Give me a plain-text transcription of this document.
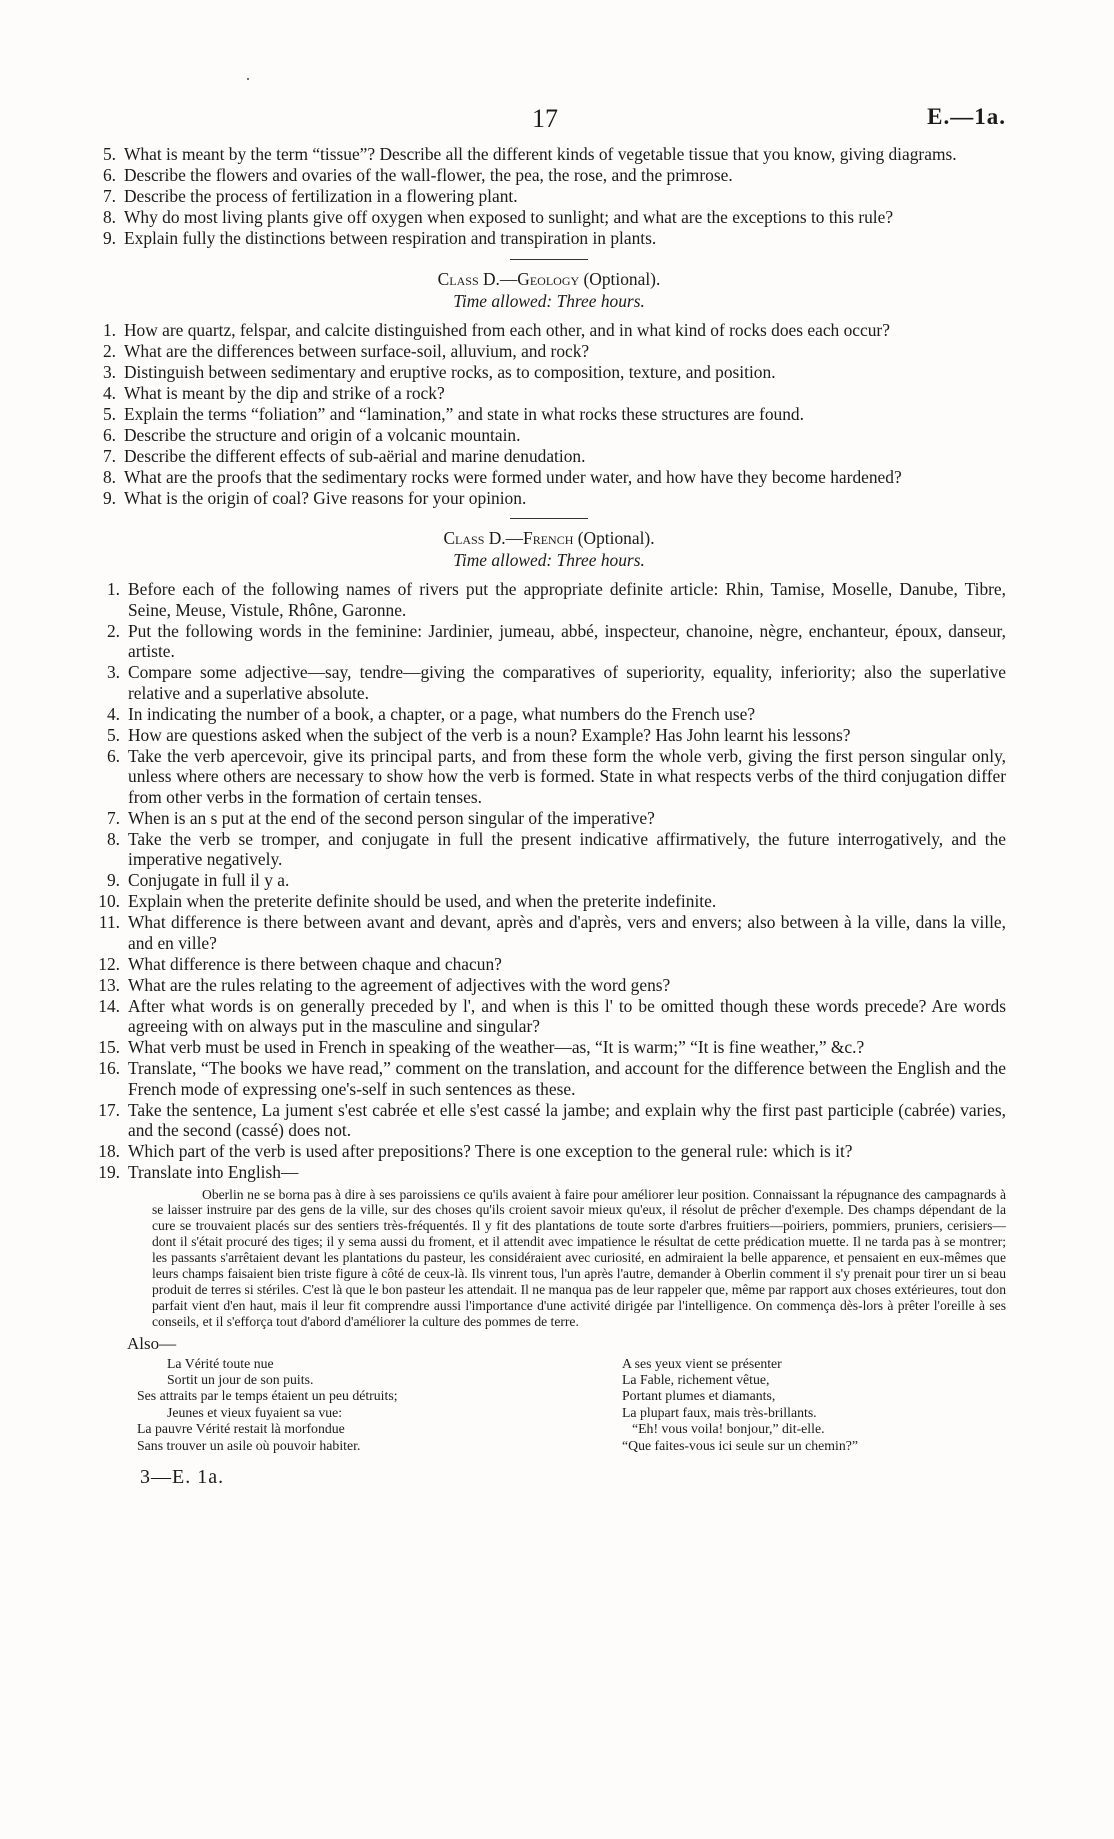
17	E.—1a.
5. What is meant by the term “tissue”? Describe all the different kinds of vegetable tissue that you know, giving diagrams.
6. Describe the flowers and ovaries of the wall-flower, the pea, the rose, and the primrose.
7. Describe the process of fertilization in a flowering plant.
8. Why do most living plants give off oxygen when exposed to sunlight; and what are the exceptions to this rule?
9. Explain fully the distinctions between respiration and transpiration in plants.
Class D.—Geology (Optional).
Time allowed: Three hours.
1. How are quartz, felspar, and calcite distinguished from each other, and in what kind of rocks does each occur?
2. What are the differences between surface-soil, alluvium, and rock?
3. Distinguish between sedimentary and eruptive rocks, as to composition, texture, and position.
4. What is meant by the dip and strike of a rock?
5. Explain the terms “foliation” and “lamination,” and state in what rocks these structures are found.
6. Describe the structure and origin of a volcanic mountain.
7. Describe the different effects of sub-aërial and marine denudation.
8. What are the proofs that the sedimentary rocks were formed under water, and how have they become hardened?
9. What is the origin of coal? Give reasons for your opinion.
Class D.—French (Optional).
Time allowed: Three hours.
1. Before each of the following names of rivers put the appropriate definite article: Rhin, Tamise, Moselle, Danube, Tibre, Seine, Meuse, Vistule, Rhône, Garonne.
2. Put the following words in the feminine: Jardinier, jumeau, abbé, inspecteur, chanoine, nègre, enchanteur, époux, danseur, artiste.
3. Compare some adjective—say, tendre—giving the comparatives of superiority, equality, inferiority; also the superlative relative and a superlative absolute.
4. In indicating the number of a book, a chapter, or a page, what numbers do the French use?
5. How are questions asked when the subject of the verb is a noun? Example? Has John learnt his lessons?
6. Take the verb apercevoir, give its principal parts, and from these form the whole verb, giving the first person singular only, unless where others are necessary to show how the verb is formed. State in what respects verbs of the third conjugation differ from other verbs in the formation of certain tenses.
7. When is an s put at the end of the second person singular of the imperative?
8. Take the verb se tromper, and conjugate in full the present indicative affirmatively, the future interrogatively, and the imperative negatively.
9. Conjugate in full il y a.
10. Explain when the preterite definite should be used, and when the preterite indefinite.
11. What difference is there between avant and devant, après and d'après, vers and envers; also between à la ville, dans la ville, and en ville?
12. What difference is there between chaque and chacun?
13. What are the rules relating to the agreement of adjectives with the word gens?
14. After what words is on generally preceded by l', and when is this l' to be omitted though these words precede? Are words agreeing with on always put in the masculine and singular?
15. What verb must be used in French in speaking of the weather—as, “It is warm;” “It is fine weather,” &c.?
16. Translate, “The books we have read,” comment on the translation, and account for the difference between the English and the French mode of expressing one's-self in such sentences as these.
17. Take the sentence, La jument s'est cabrée et elle s'est cassé la jambe; and explain why the first past participle (cabrée) varies, and the second (cassé) does not.
18. Which part of the verb is used after prepositions? There is one exception to the general rule: which is it?
19. Translate into English—
Oberlin ne se borna pas à dire à ses paroissiens ce qu'ils avaient à faire pour améliorer leur position. Connaissant la répugnance des campagnards à se laisser instruire par des gens de la ville, sur des choses qu'ils croient savoir mieux qu'eux, il résolut de prêcher d'exemple. Des champs dépendant de la cure se trouvaient placés sur des sentiers très-fréquentés. Il y fit des plantations de toute sorte d'arbres fruitiers—poiriers, pommiers, pruniers, cerisiers—dont il s'était procuré des tiges; il y sema aussi du froment, et il attendit avec impatience le résultat de cette prédication muette. Il ne tarda pas à se montrer; les passants s'arrêtaient devant les plantations du pasteur, les considéraient avec curiosité, en admiraient la belle apparence, et pensaient en eux-mêmes que leurs champs faisaient bien triste figure à côté de ceux-là. Ils vinrent tous, l'un après l'autre, demander à Oberlin comment il s'y prenait pour tirer un si beau produit de terres si stériles. C'est là que le bon pasteur les attendait. Il ne manqua pas de leur rappeler que, même par rapport aux choses extérieures, tout don parfait vient d'en haut, mais il leur fit comprendre aussi l'importance d'une activité dirigée par l'intelligence. On commença dès-lors à prêter l'oreille à ses conseils, et il s'efforça tout d'abord d'améliorer la culture des pommes de terre.
Also—
La Vérité toute nue
Sortit un jour de son puits.
Ses attraits par le temps étaient un peu détruits;
Jeunes et vieux fuyaient sa vue:
La pauvre Vérité restait là morfondue
Sans trouver un asile où pouvoir habiter.
A ses yeux vient se présenter
La Fable, richement vêtue,
Portant plumes et diamants,
La plupart faux, mais très-brillants.
“Eh! vous voila! bonjour,” dit-elle.
“Que faites-vous ici seule sur un chemin?”
3—E. 1a.
